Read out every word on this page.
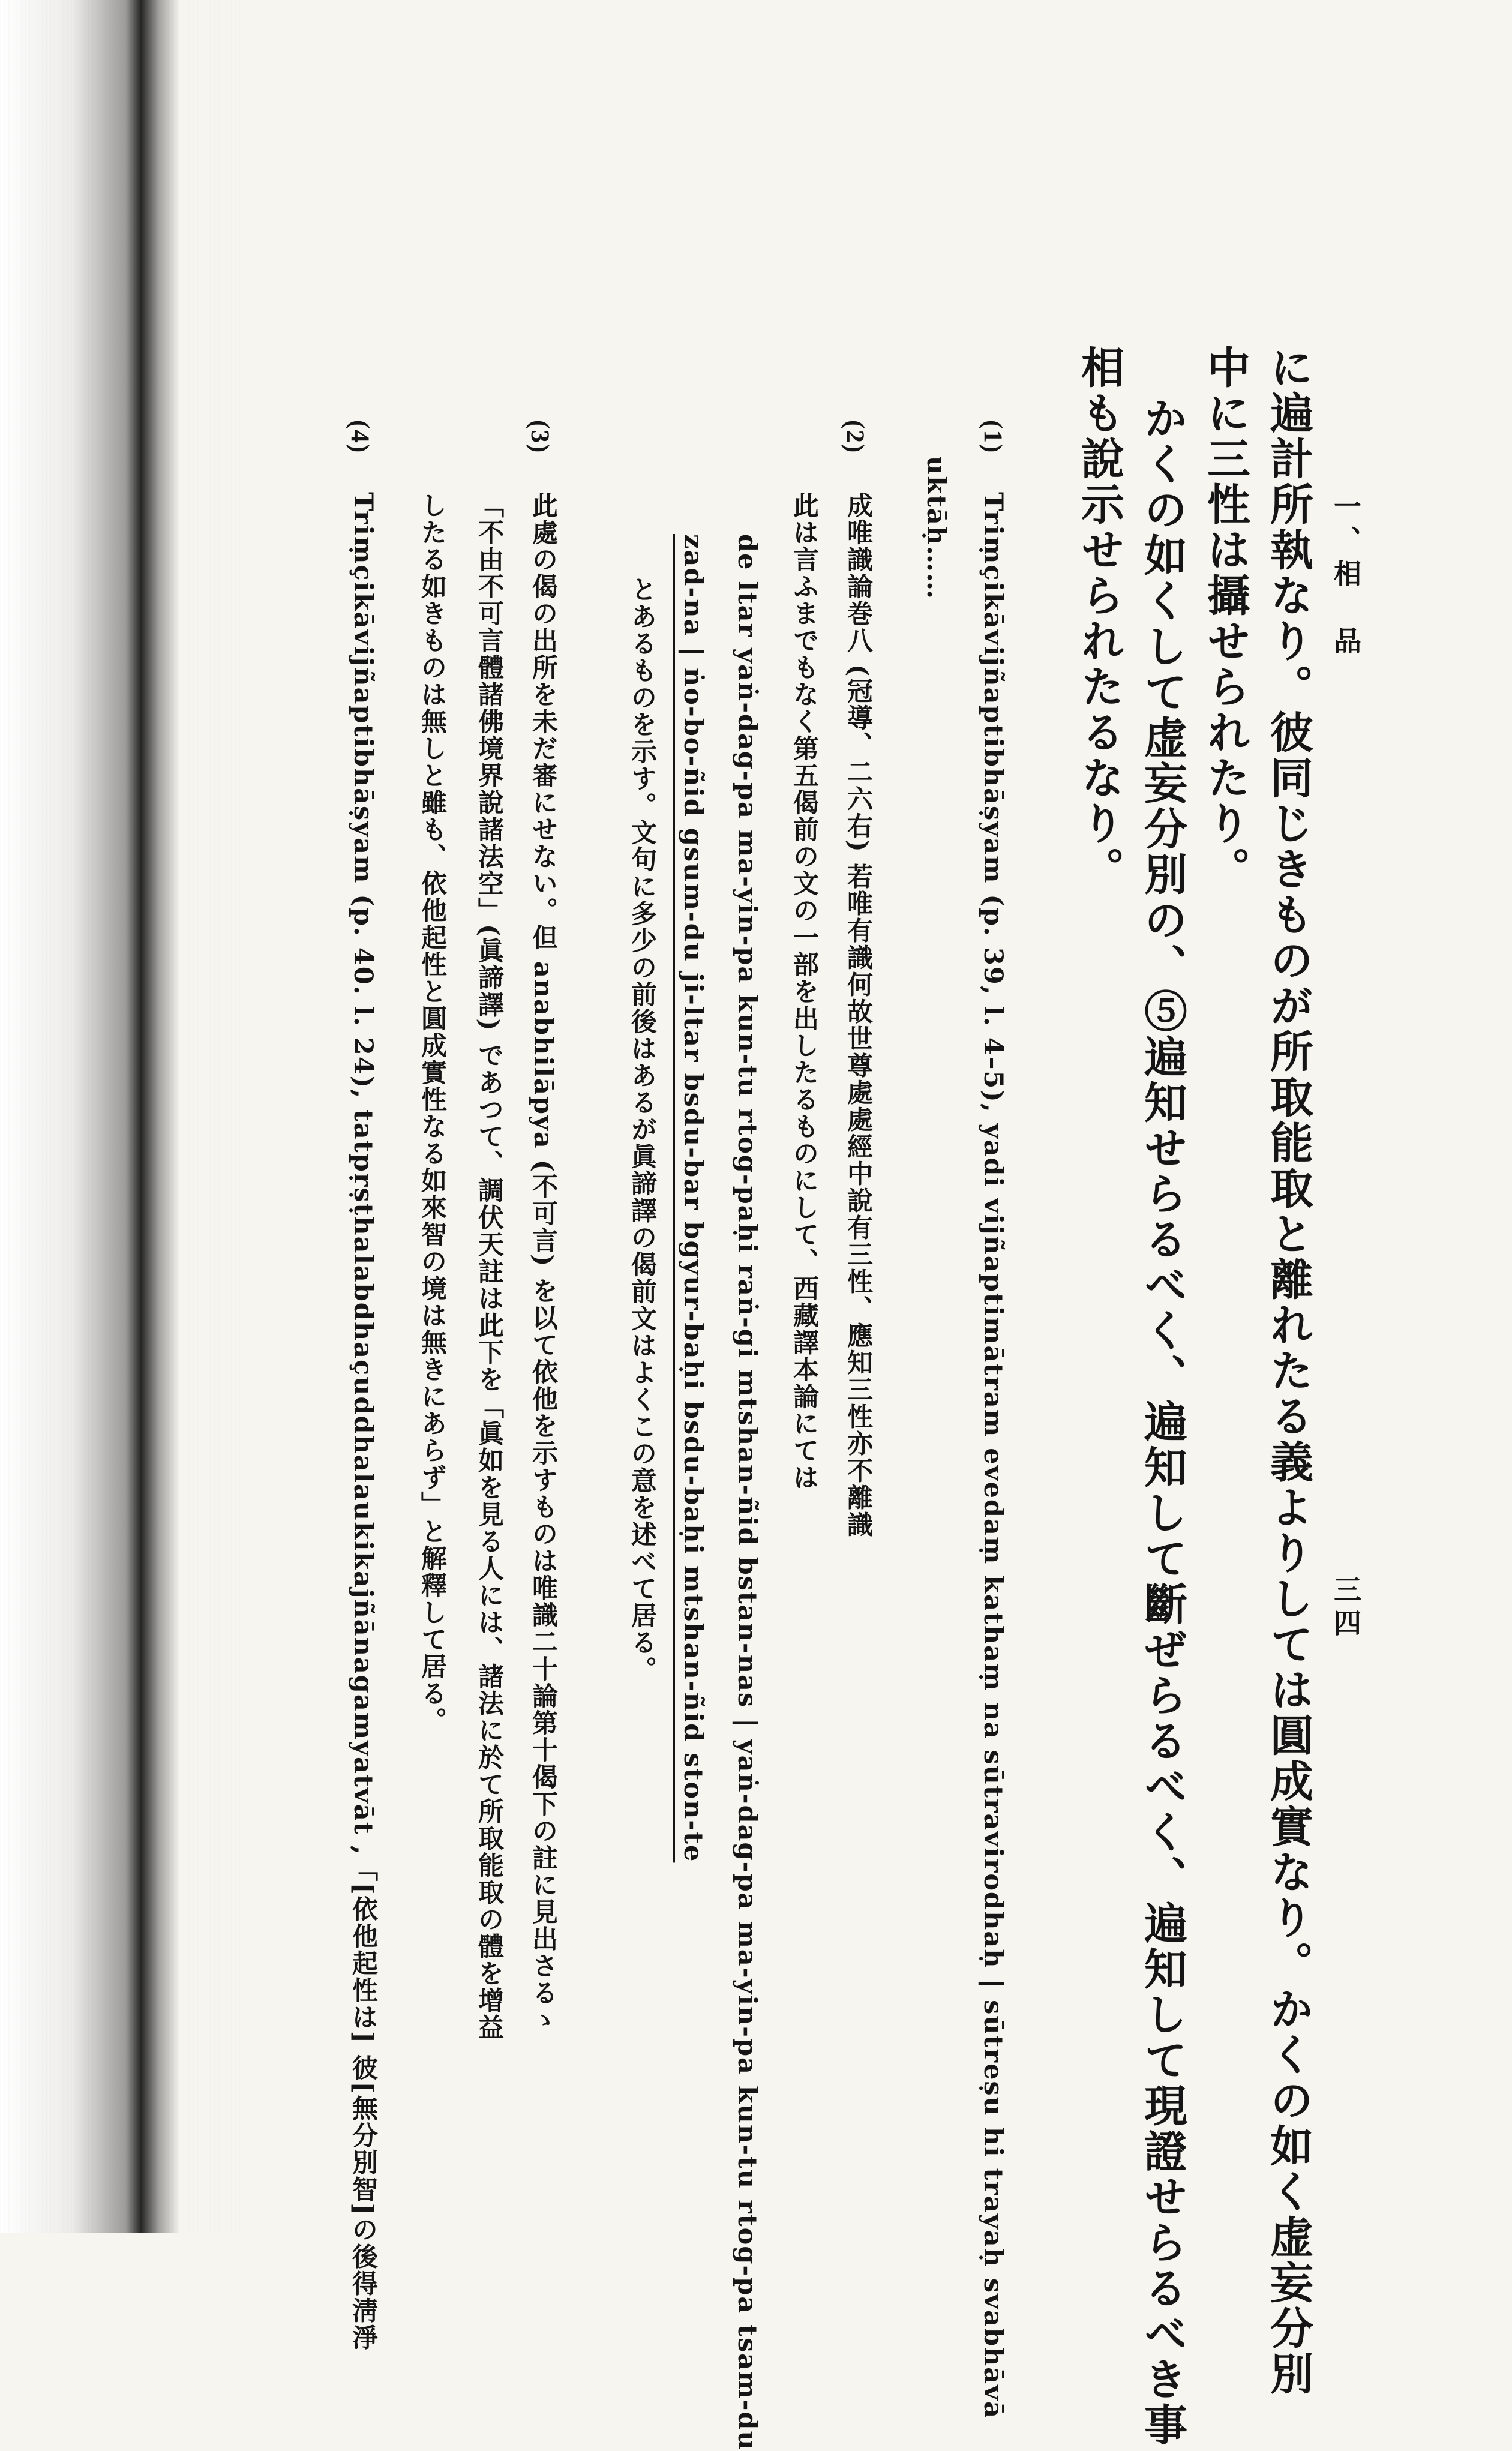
一、相　品
三四
に遍計所執なり。彼同じきものが所取能取と離れたる義よりしては圓成實なり。かくの如く虚妄分別
中に三性は攝せられたり。
かくの如くして虚妄分別の、⑤遍知せらるべく、遍知して斷ぜらるべく、遍知して現證せらるべき事
相も說示せられたるなり。
(1)
Triṃçikāvijñaptibhāṣyam (p. 39, l. 4–5), yadi vijñaptimātram evedaṃ kathaṃ na sūtravirodhaḥ | sūtreṣu hi trayaḥ svabhāvā
uktāḥ……
(2)
成唯識論巻八 (冠導、二六右) 若唯有識何故世尊處處經中說有三性、應知三性亦不離識
此は言ふまでもなく第五偈前の文の一部を出したるものにして、西藏譯本論にては
de ltar yaṅ-dag-pa ma-yin-pa kun-tu rtog-paḥi raṅ-gi mtshan-ñid bstan-nas | yaṅ-dag-pa ma-yin-pa kun-tu rtog-pa tsam-du
zad-na | ṅo-bo-ñid gsum-du ji-ltar bsdu-bar bgyur-baḥi bsdu-baḥi mtshan-ñid ston-te
とあるものを示す。文句に多少の前後はあるが眞諦譯の偈前文はよくこの意を述べて居る。
(3)
此處の偈の出所を未だ審にせない。但 anabhilāpya (不可言) を以て依他を示すものは唯識二十論第十偈下の註に見出さるゝ
「不由不可言體諸佛境界說諸法空」(眞諦譯) であつて、調伏天註は此下を「眞如を見る人には、諸法に於て所取能取の體を增益
したる如きものは無しと雖も、依他起性と圓成實性なる如來智の境は無きにあらず」と解釋して居る。
(4)
Triṃçikāvijñaptibhāṣyam (p. 40. l. 24), tatpṛṣṭhalabdhaçuddhalaukikajñānagamyatvāt ,「[依他起性は] 彼[無分別智]の後得淸淨
